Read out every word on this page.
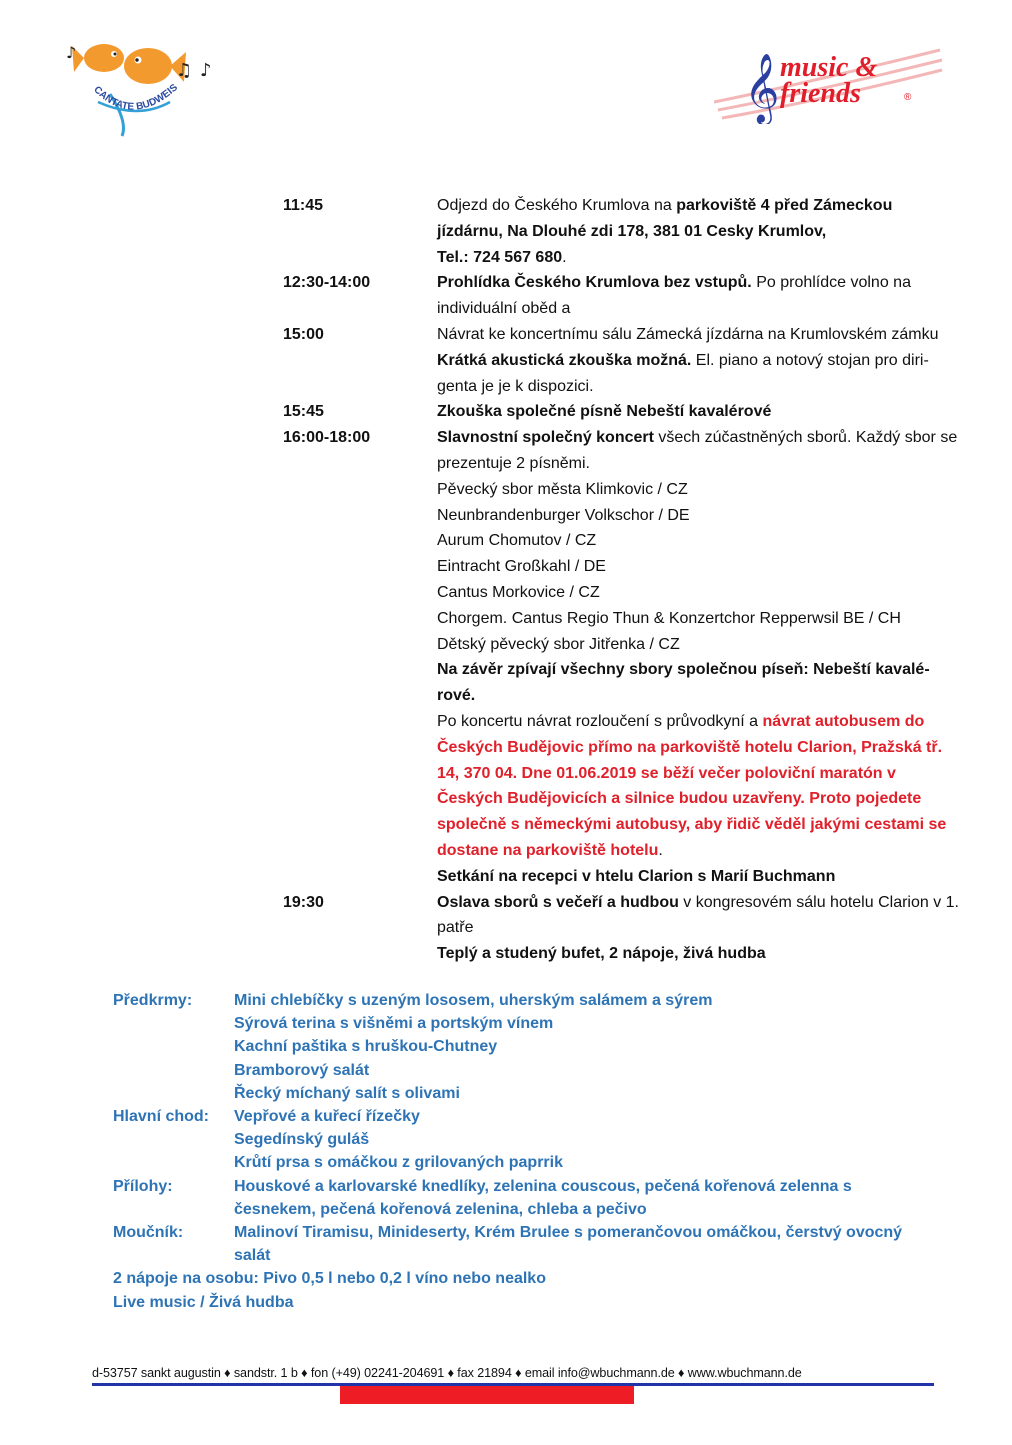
♪
♫ ♪
CANTATE BUDWEIS	𝄞 music &
friends	®
11:45	Odjezd do Českého Krumlova na parkoviště 4 před Zámeckou jízdárnu, Na Dlouhé zdi 178, 381 01 Cesky Krumlov,

Tel.: 724 567 680.

12:30-14:00	Prohlídka Českého Krumlova bez vstupů. Po prohlídce volno na individuální oběd a

15:00	Návrat ke koncertnímu sálu Zámecká jízdárna na Krumlovském zámku

Krátká akustická zkouška možná. El. piano a notový stojan pro diri-genta je je k dispozici.

15:45	Zkouška společné písně Nebeští kavalérové

16:00-18:00	Slavnostní společný koncert všech zúčastněných sborů. Každý sbor se prezentuje 2 písněmi.

Pěvecký sbor města Klimkovic / CZ

Neunbrandenburger Volkschor / DE

Aurum Chomutov / CZ

Eintracht Großkahl / DE

Cantus Morkovice / CZ

Chorgem. Cantus Regio Thun & Konzertchor Repperwsil BE / CH

Dětský pěvecký sbor Jitřenka / CZ

Na závěr zpívají všechny sbory společnou píseň: Nebeští kavalé-rové.

Po koncertu návrat rozloučení s průvodkyní a návrat autobusem do Českých Budějovic přímo na parkoviště hotelu Clarion, Pražská tř. 14, 370 04. Dne 01.06.2019 se běží večer poloviční maratón v Českých Budějovicích a silnice budou uzavřeny. Proto pojedete společně s německými autobusy, aby řidič věděl jakými cestami se dostane na parkoviště hotelu.

Setkání na recepci v htelu Clarion s Marií Buchmann

19:30	Oslava sborů s večeří a hudbou v kongresovém sálu hotelu Clarion v 1. patře

Teplý a studený bufet, 2 nápoje, živá hudba

Předkrmy:	Mini chlebíčky s uzeným lososem, uherským salámem a sýrem
Sýrová terina s višněmi a portským vínem
Kachní paštika s hruškou-Chutney
Bramborový salát
Řecký míchaný salít s olivami
Hlavní chod:	Vepřové a kuřecí řízečky
Segedínský guláš
Krůtí prsa s omáčkou z grilovaných paprrik
Přílohy:	Houskové a karlovarské knedlíky, zelenina couscous, pečená kořenová zelenna s česnekem, pečená kořenová zelenina, chleba a pečivo
Moučník:	Malinoví Tiramisu, Minideserty, Krém Brulee s pomerančovou omáčkou, čerstvý ovocný salát
2 nápoje na osobu: Pivo 0,5 l nebo 0,2 l víno nebo nealko
Live music / Živá hudba
d-53757 sankt augustin ♦ sandstr. 1 b ♦ fon (+49) 02241-204691 ♦ fax 21894 ♦ email info@wbuchmann.de ♦ www.wbuchmann.de
